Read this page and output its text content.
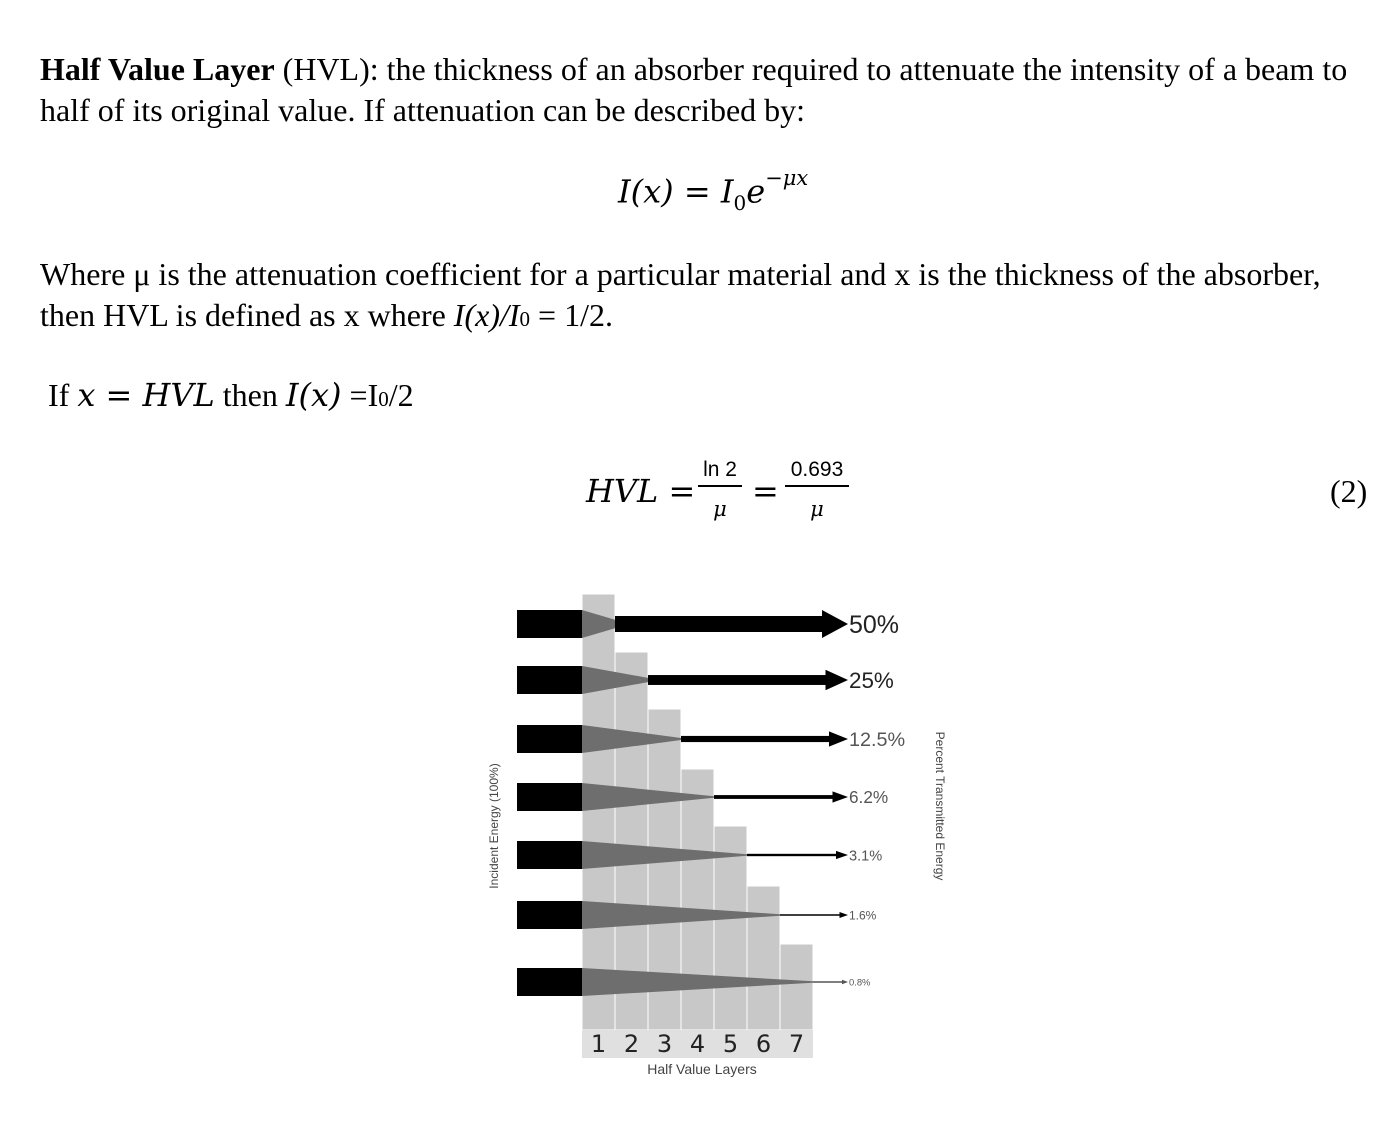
Half Value Layer (HVL): the thickness of an absorber required to attenuate the intensity of a beam to half of its original value. If attenuation can be described by:
$I(x) = I_0e^{-\mu x}$
Where μ is the attenuation coefficient for a particular material and x is the thickness of the absorber, then HVL is defined as x where I(x)/I0 = 1/2.
If x = HVL then I(x) =I0/2
HVL =
ln 2
μ =
0.693
μ	(2)
50%
25%
12.5%
6.2%
3.1%
1.6%
0.8%
1 2 3 4 5 6 7
Half Value Layers
Incident Energy (100%)	Percent Transmitted Energy
